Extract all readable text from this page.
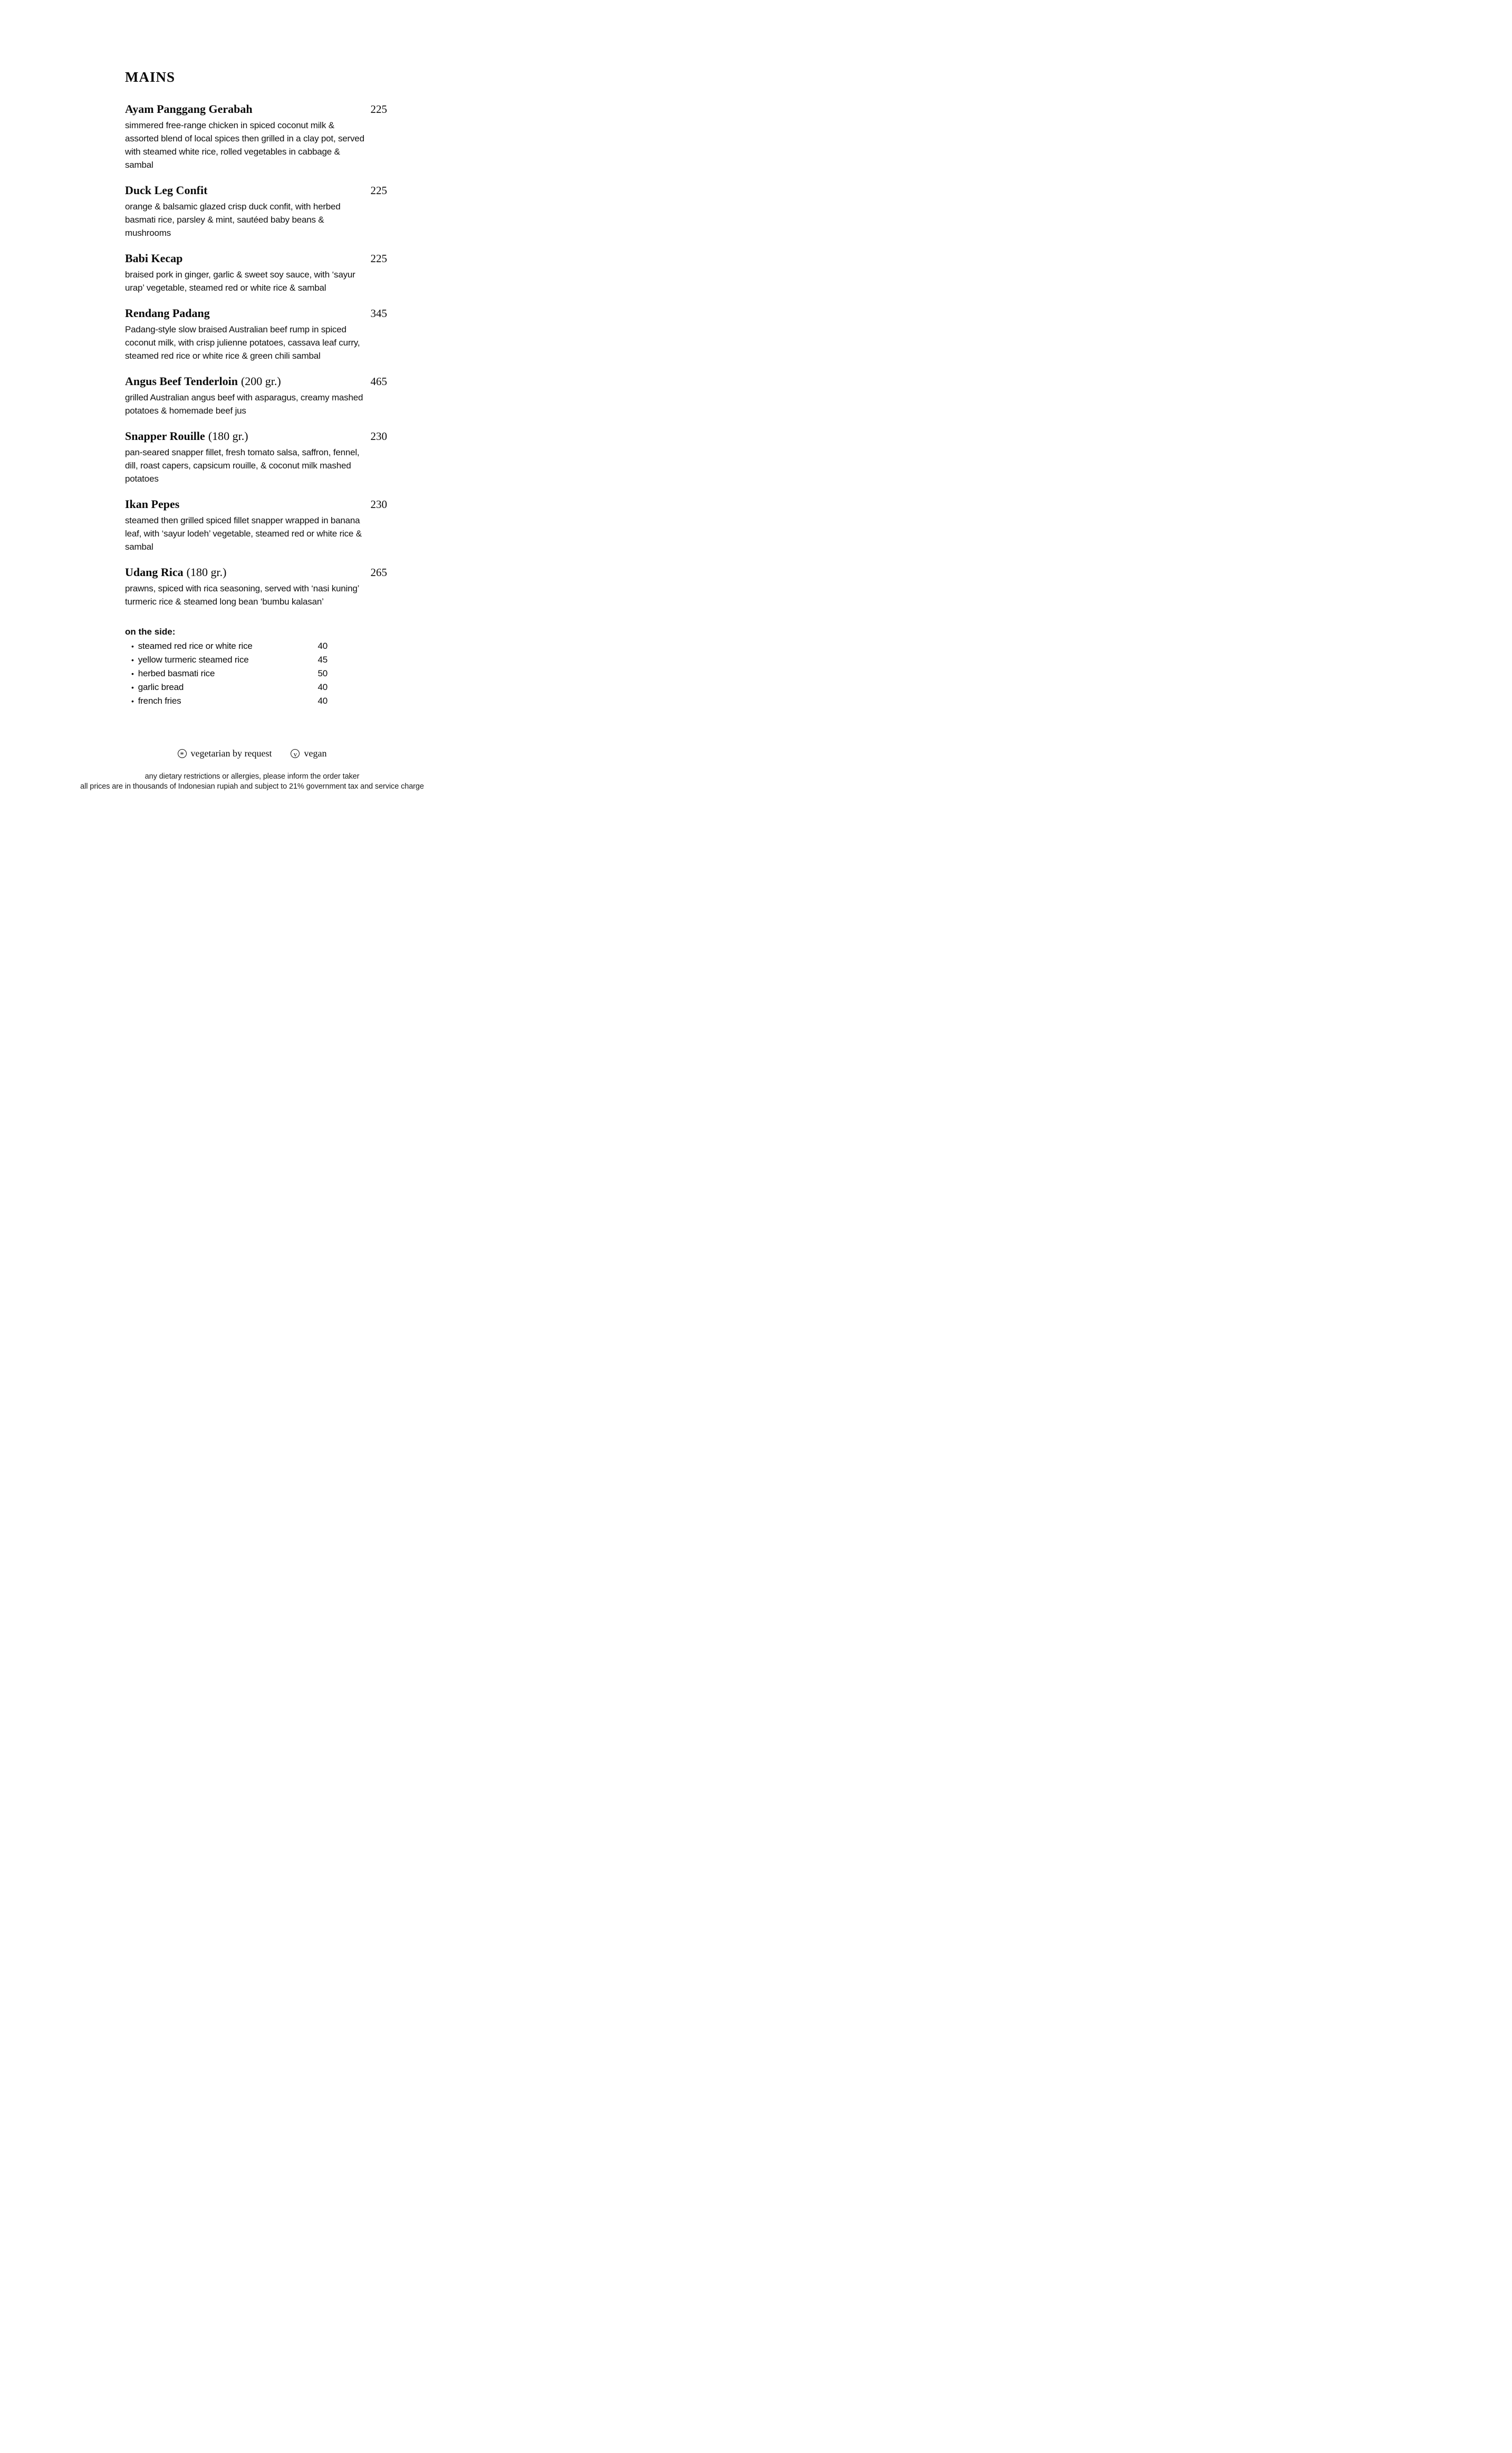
MAINS
Ayam Panggang Gerabah	225

simmered free-range chicken in spiced coconut milk & assorted blend of local spices then grilled in a clay pot, served with steamed white rice, rolled vegetables in cabbage & sambal

Duck Leg Confit	225

orange & balsamic glazed crisp duck confit, with herbed basmati rice, parsley & mint, sautéed baby beans & mushrooms

Babi Kecap	225

braised pork in ginger, garlic & sweet soy sauce, with ‘sayur urap’ vegetable, steamed red or white rice & sambal

Rendang Padang	345

Padang-style slow braised Australian beef rump in spiced coconut milk, with crisp julienne potatoes, cassava leaf curry, steamed red rice or white rice & green chili sambal

Angus Beef Tenderloin (200 gr.)	465

grilled Australian angus beef with asparagus, creamy mashed potatoes & homemade beef jus

Snapper Rouille (180 gr.)	230

pan-seared snapper fillet, fresh tomato salsa, saffron, fennel, dill, roast capers, capsicum rouille, & coconut milk mashed potatoes

Ikan Pepes	230

steamed then grilled spiced fillet snapper wrapped in banana leaf, with ‘sayur lodeh’ vegetable, steamed red or white rice & sambal

Udang Rica (180 gr.)	265

prawns, spiced with rica seasoning, served with ‘nasi kuning’ turmeric rice & steamed long bean ‘bumbu kalasan’

on the side:
• steamed red rice or white rice	40
• yellow turmeric steamed rice	45
• herbed basmati rice	50
• garlic bread	40
• french fries	40
* vegetarian by request	v vegan
any dietary restrictions or allergies, please inform the order taker
all prices are in thousands of Indonesian rupiah and subject to 21% government tax and service charge
